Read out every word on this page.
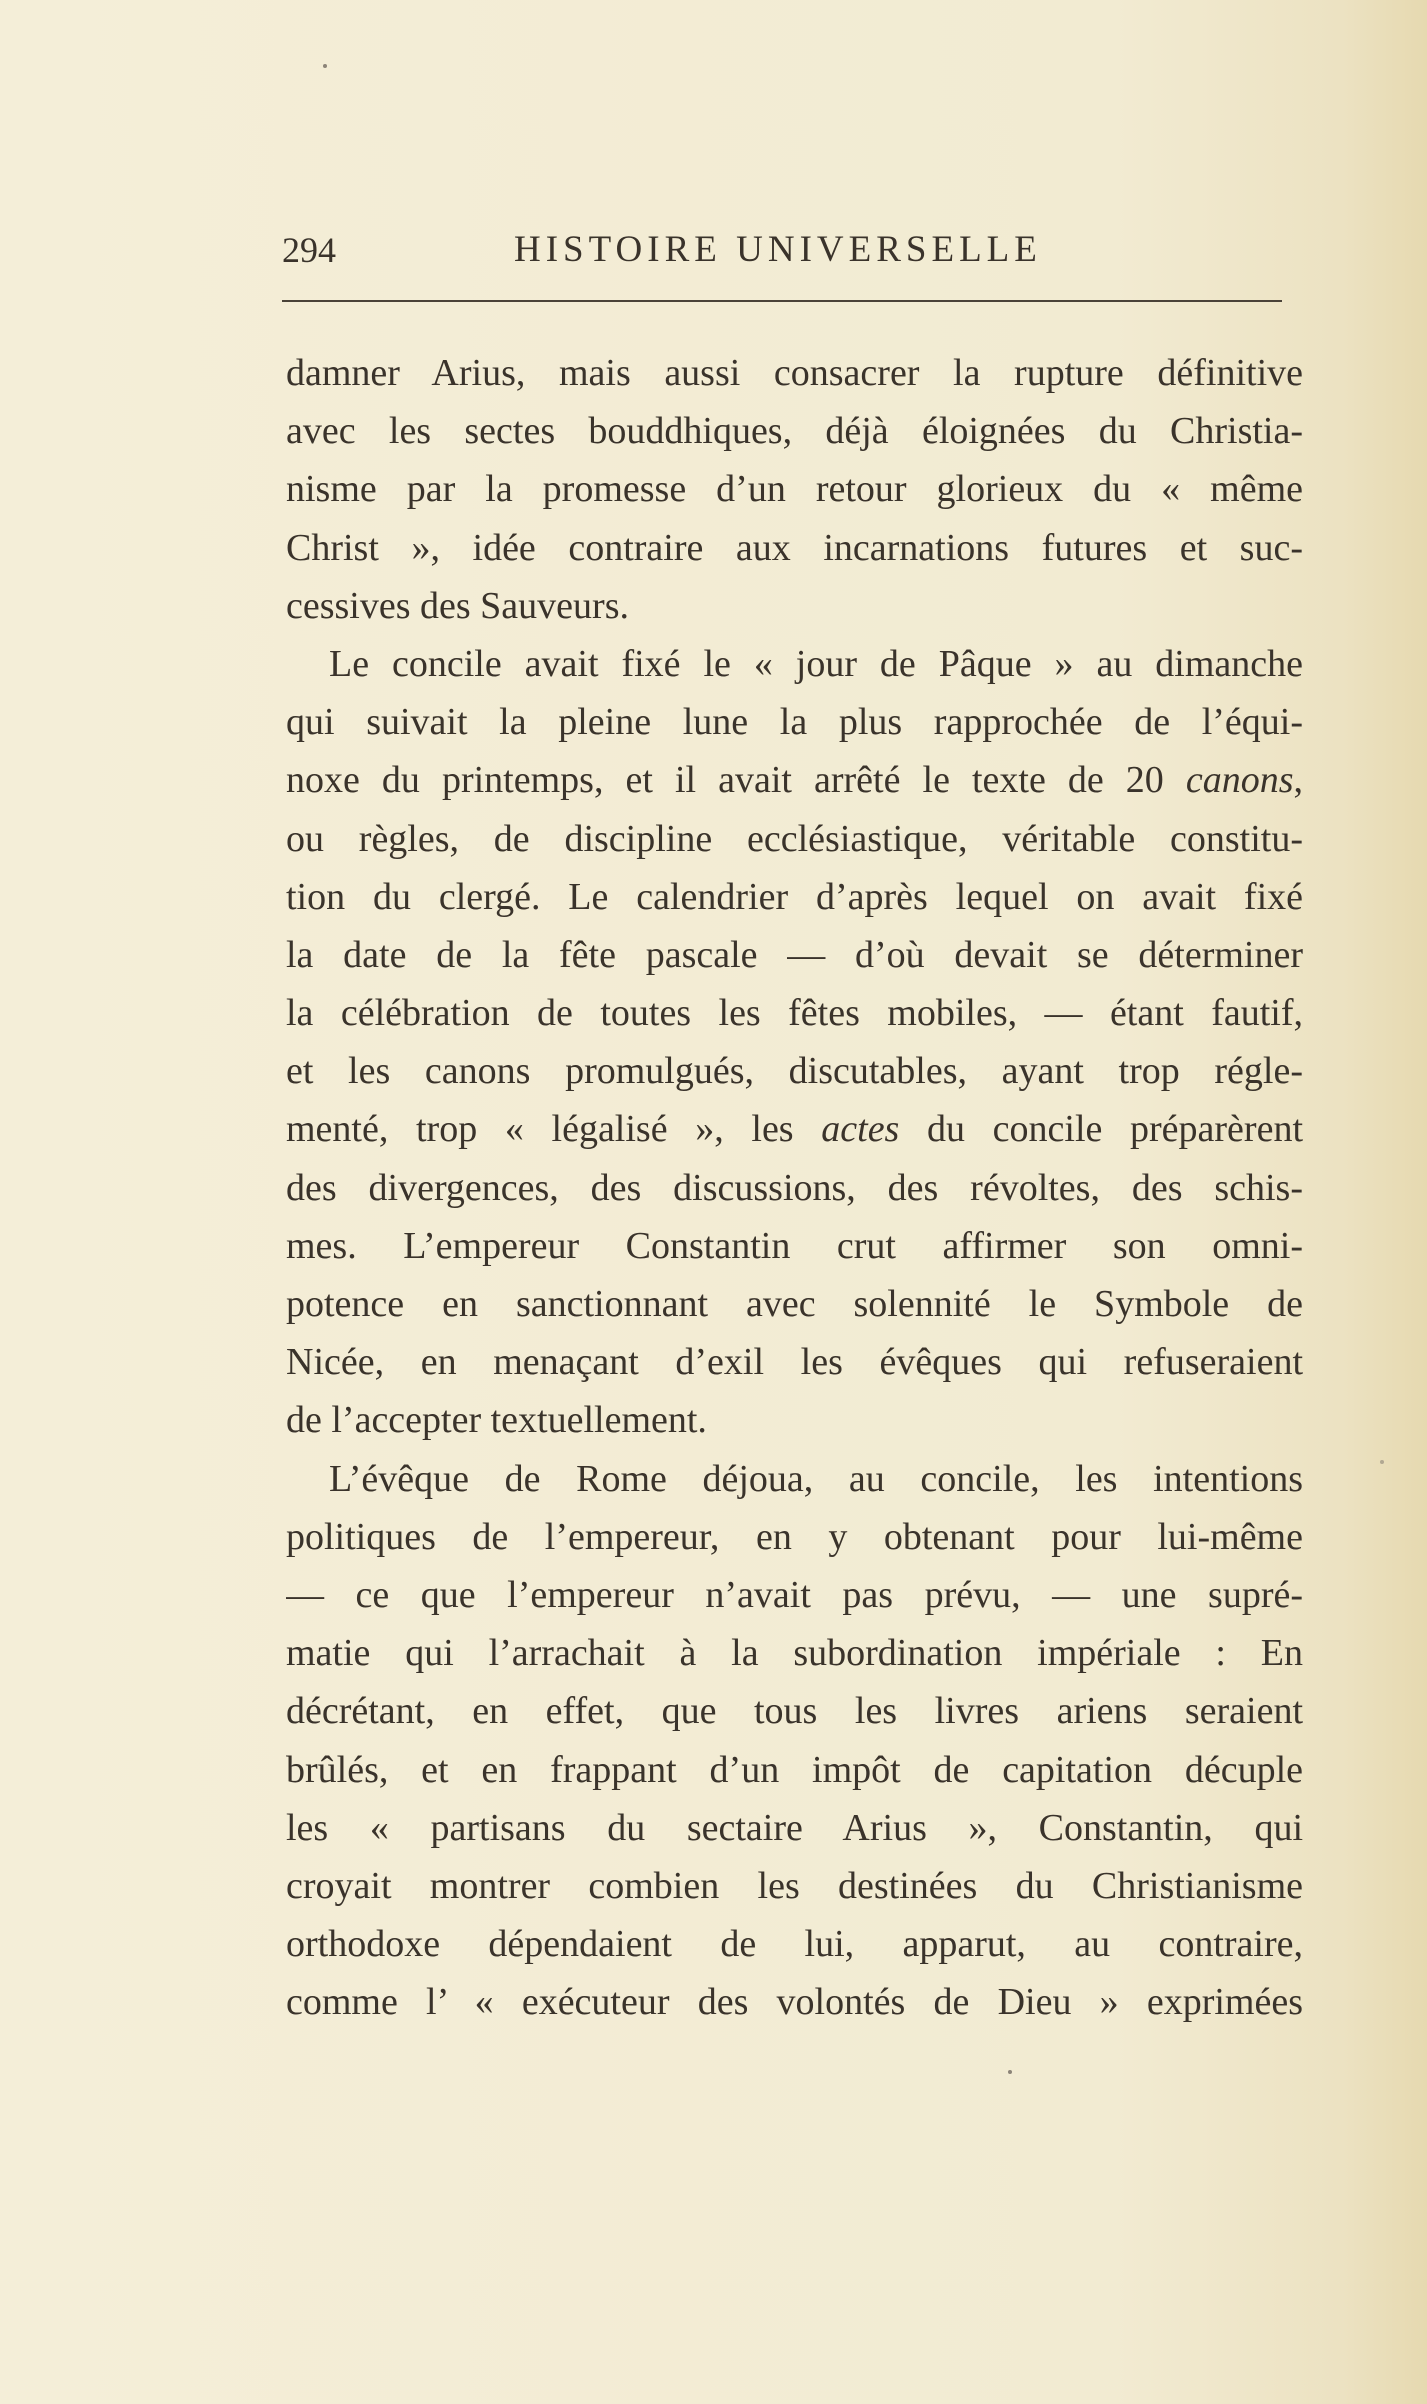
294	HISTOIRE UNIVERSELLE
damner Arius, mais aussi consacrer la rupture définitive
avec les sectes bouddhiques, déjà éloignées du Christia-
nisme par la promesse d’un retour glorieux du « même
Christ », idée contraire aux incarnations futures et suc-
cessives des Sauveurs.
Le concile avait fixé le « jour de Pâque » au dimanche
qui suivait la pleine lune la plus rapprochée de l’équi-
noxe du printemps, et il avait arrêté le texte de 20 canons,
ou règles, de discipline ecclésiastique, véritable constitu-
tion du clergé. Le calendrier d’après lequel on avait fixé
la date de la fête pascale — d’où devait se déterminer
la célébration de toutes les fêtes mobiles, — étant fautif,
et les canons promulgués, discutables, ayant trop régle-
menté, trop « légalisé », les actes du concile préparèrent
des divergences, des discussions, des révoltes, des schis-
mes. L’empereur Constantin crut affirmer son omni-
potence en sanctionnant avec solennité le Symbole de
Nicée, en menaçant d’exil les évêques qui refuseraient
de l’accepter textuellement.
L’évêque de Rome déjoua, au concile, les intentions
politiques de l’empereur, en y obtenant pour lui-même
— ce que l’empereur n’avait pas prévu, — une supré-
matie qui l’arrachait à la subordination impériale : En
décrétant, en effet, que tous les livres ariens seraient
brûlés, et en frappant d’un impôt de capitation décuple
les « partisans du sectaire Arius », Constantin, qui
croyait montrer combien les destinées du Christianisme
orthodoxe dépendaient de lui, apparut, au contraire,
comme l’ « exécuteur des volontés de Dieu » exprimées
